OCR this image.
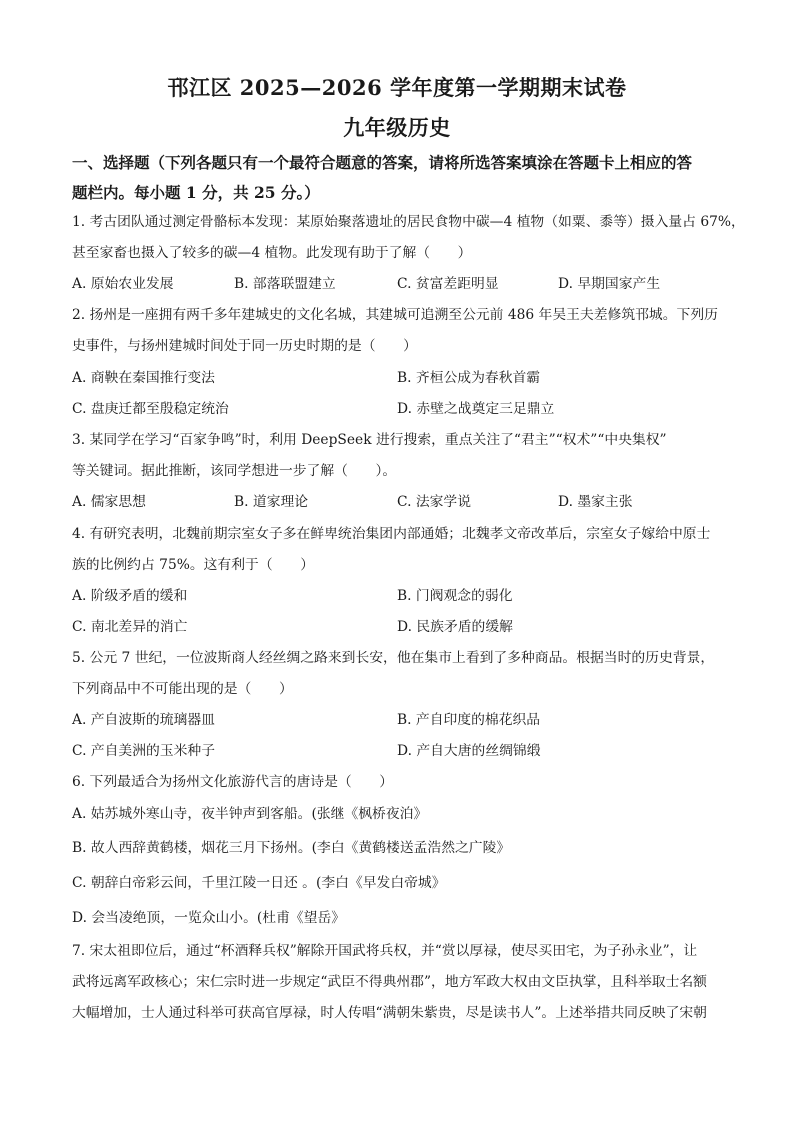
邗江区 2025—2026 学年度第一学期期末试卷
九年级历史
一、选择题（下列各题只有一个最符合题意的答案，请将所选答案填涂在答题卡上相应的答
题栏内。每小题 1 分，共 25 分。）
1. 考古团队通过测定骨骼标本发现：某原始聚落遗址的居民食物中碳—4 植物（如粟、黍等）摄入量占 67%，
甚至家畜也摄入了较多的碳—4 植物。此发现有助于了解（　　）
A. 原始农业发展	B. 部落联盟建立	C. 贫富差距明显	D. 早期国家产生
2. 扬州是一座拥有两千多年建城史的文化名城，其建城可追溯至公元前 486 年吴王夫差修筑邗城。下列历
史事件，与扬州建城时间处于同一历史时期的是（　　）
A. 商鞅在秦国推行变法	B. 齐桓公成为春秋首霸
C. 盘庚迁都至殷稳定统治	D. 赤壁之战奠定三足鼎立
3. 某同学在学习“百家争鸣”时，利用 DeepSeek 进行搜索，重点关注了“君主”“权术”“中央集权”
等关键词。据此推断，该同学想进一步了解（　　）。
A. 儒家思想	B. 道家理论	C. 法家学说	D. 墨家主张
4. 有研究表明，北魏前期宗室女子多在鲜卑统治集团内部通婚；北魏孝文帝改革后，宗室女子嫁给中原士
族的比例约占 75%。这有利于（　　）
A. 阶级矛盾的缓和	B. 门阀观念的弱化
C. 南北差异的消亡	D. 民族矛盾的缓解
5. 公元 7 世纪，一位波斯商人经丝绸之路来到长安，他在集市上看到了多种商品。根据当时的历史背景，
下列商品中不可能出现的是（　　）
A. 产自波斯的琉璃器皿	B. 产自印度的棉花织品
C. 产自美洲的玉米种子	D. 产自大唐的丝绸锦缎
6. 下列最适合为扬州文化旅游代言的唐诗是（　　）
A. 姑苏城外寒山寺，夜半钟声到客船。(张继《枫桥夜泊》
B. 故人西辞黄鹤楼，烟花三月下扬州。(李白《黄鹤楼送孟浩然之广陵》
C. 朝辞白帝彩云间，千里江陵一日还 。(李白《早发白帝城》
D. 会当凌绝顶，一览众山小。(杜甫《望岳》
7. 宋太祖即位后，通过“杯酒释兵权”解除开国武将兵权，并“赏以厚禄，使尽买田宅，为子孙永业”，让
武将远离军政核心；宋仁宗时进一步规定“武臣不得典州郡”，地方军政大权由文臣执掌，且科举取士名额
大幅增加，士人通过科举可获高官厚禄，时人传唱“满朝朱紫贵，尽是读书人”。上述举措共同反映了宋朝
